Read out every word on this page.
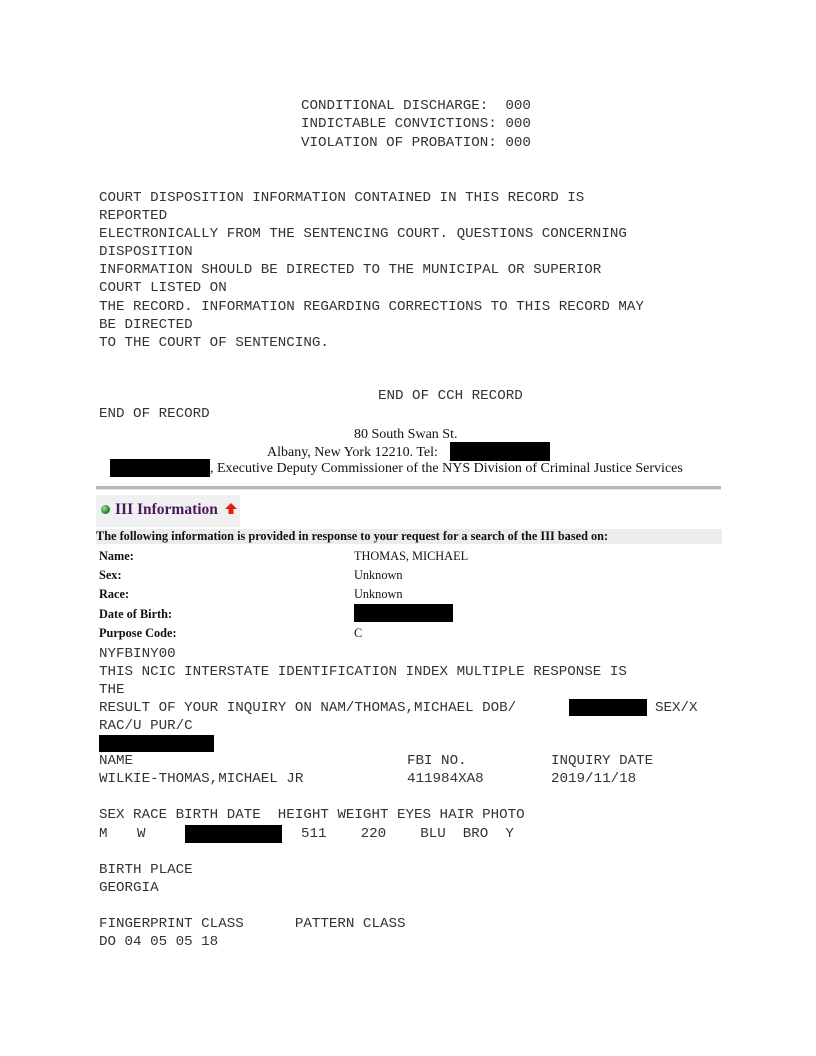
CONDITIONAL DISCHARGE:  000
INDICTABLE CONVICTIONS: 000
VIOLATION OF PROBATION: 000
COURT DISPOSITION INFORMATION CONTAINED IN THIS RECORD IS
REPORTED
ELECTRONICALLY FROM THE SENTENCING COURT. QUESTIONS CONCERNING
DISPOSITION
INFORMATION SHOULD BE DIRECTED TO THE MUNICIPAL OR SUPERIOR
COURT LISTED ON
THE RECORD. INFORMATION REGARDING CORRECTIONS TO THIS RECORD MAY
BE DIRECTED
TO THE COURT OF SENTENCING.
END OF CCH RECORD
END OF RECORD
80 South Swan St.
Albany, New York 12210. Tel:
, Executive Deputy Commissioner of the NYS Division of Criminal Justice Services
III Information
The following information is provided in response to your request for a search of the III based on:
Name:	THOMAS, MICHAEL
Sex:	Unknown
Race:	Unknown
Date of Birth:
Purpose Code:	C
NYFBINY00
THIS NCIC INTERSTATE IDENTIFICATION INDEX MULTIPLE RESPONSE IS
THE
RESULT OF YOUR INQUIRY ON NAM/THOMAS,MICHAEL DOB/	SEX/X
RAC/U PUR/C
NAME	FBI NO.	INQUIRY DATE
WILKIE-THOMAS,MICHAEL JR	411984XA8	2019/11/18
SEX RACE BIRTH DATE  HEIGHT WEIGHT EYES HAIR PHOTO
M W	511    220    BLU  BRO  Y
BIRTH PLACE
GEORGIA
FINGERPRINT CLASS      PATTERN CLASS
DO 04 05 05 18
